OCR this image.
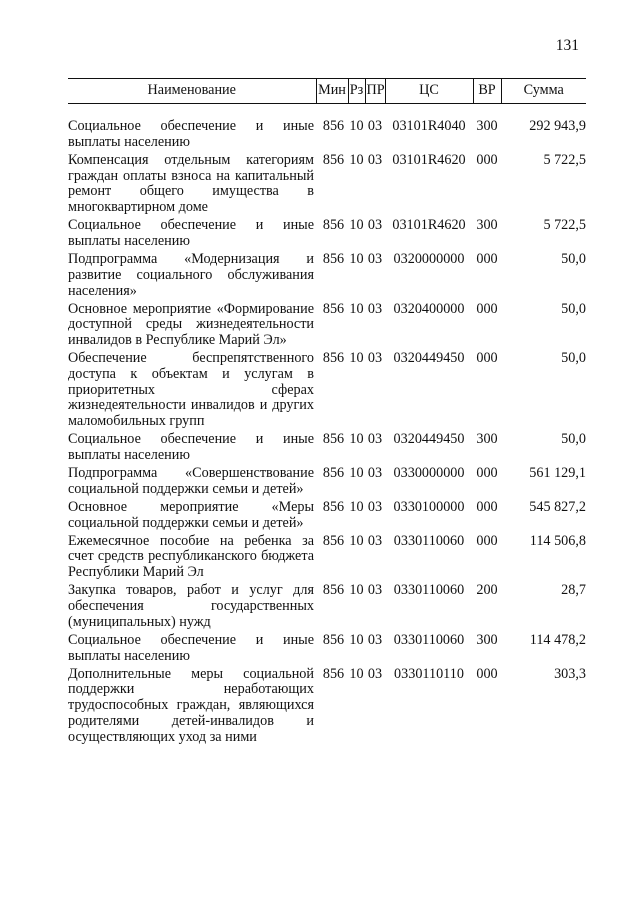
131
Наименование	Мин	Рз	ПР	ЦС	ВР	Сумма

Социальное обеспечение и иные выплаты населению	856	10	03	03101R4040	300	292 943,9
Компенсация отдельным категориям граждан оплаты взноса на капитальный ремонт общего имущества в многоквартирном доме	856	10	03	03101R4620	000	5 722,5
Социальное обеспечение и иные выплаты населению	856	10	03	03101R4620	300	5 722,5
Подпрограмма «Модернизация и развитие социального обслуживания населения»	856	10	03	0320000000	000	50,0
Основное мероприятие «Формирование доступной среды жизнедеятельности инвалидов в Республике Марий Эл»	856	10	03	0320400000	000	50,0
Обеспечение беспрепятственного доступа к объектам и услугам в приоритетных сферах жизнедеятельности инвалидов и других маломобильных групп	856	10	03	0320449450	000	50,0
Социальное обеспечение и иные выплаты населению	856	10	03	0320449450	300	50,0
Подпрограмма «Совершенствование социальной поддержки семьи и детей»	856	10	03	0330000000	000	561 129,1
Основное мероприятие «Меры социальной поддержки семьи и детей»	856	10	03	0330100000	000	545 827,2
Ежемесячное пособие на ребенка за счет средств республиканского бюджета Республики Марий Эл	856	10	03	0330110060	000	114 506,8
Закупка товаров, работ и услуг для обеспечения государственных (муниципальных) нужд	856	10	03	0330110060	200	28,7
Социальное обеспечение и иные выплаты населению	856	10	03	0330110060	300	114 478,2
Дополнительные меры социальной поддержки неработающих трудоспособных граждан, являющихся родителями детей-инвалидов и осуществляющих уход за ними	856	10	03	0330110110	000	303,3
